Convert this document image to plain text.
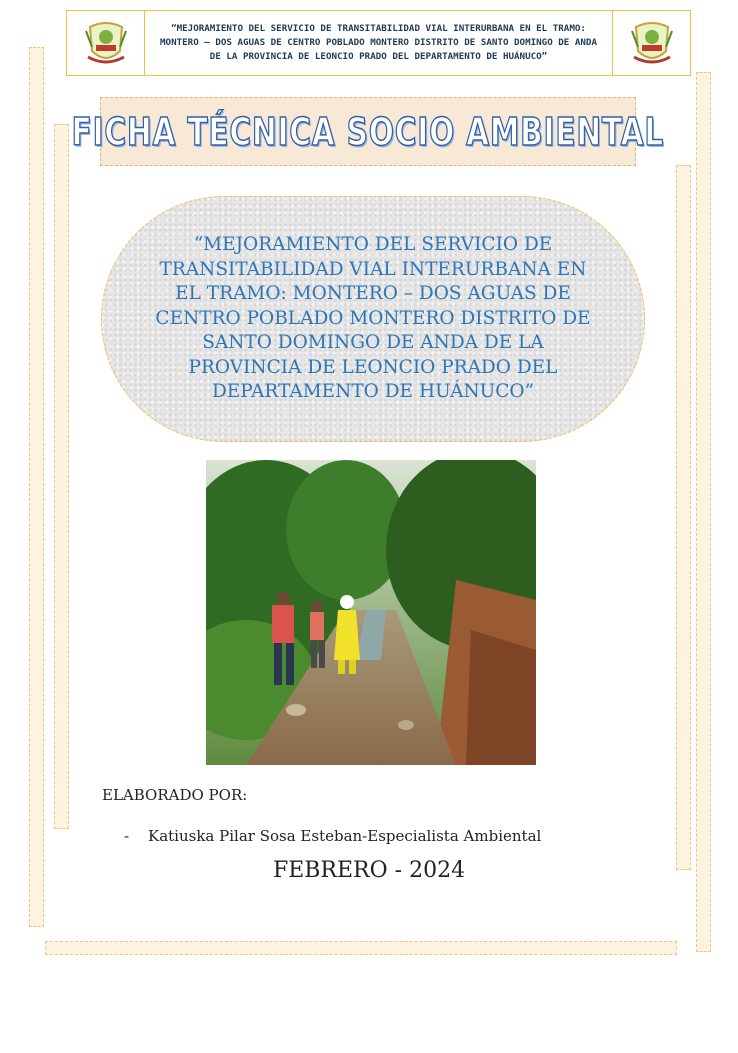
“MEJORAMIENTO DEL SERVICIO DE TRANSITABILIDAD VIAL INTERURBANA EN EL TRAMO: MONTERO – DOS AGUAS DE CENTRO POBLADO MONTERO DISTRITO DE SANTO DOMINGO DE ANDA DE LA PROVINCIA DE LEONCIO PRADO DEL DEPARTAMENTO DE HUÁNUCO”
FICHA TÉCNICA SOCIO AMBIENTAL
“MEJORAMIENTO DEL SERVICIO DE TRANSITABILIDAD VIAL INTERURBANA EN EL TRAMO: MONTERO – DOS AGUAS DE CENTRO POBLADO MONTERO DISTRITO DE SANTO DOMINGO DE ANDA DE LA PROVINCIA DE LEONCIO PRADO DEL DEPARTAMENTO DE HUÁNUCO”
ELABORADO POR:
-	Katiuska Pilar Sosa Esteban-Especialista Ambiental
FEBRERO - 2024
